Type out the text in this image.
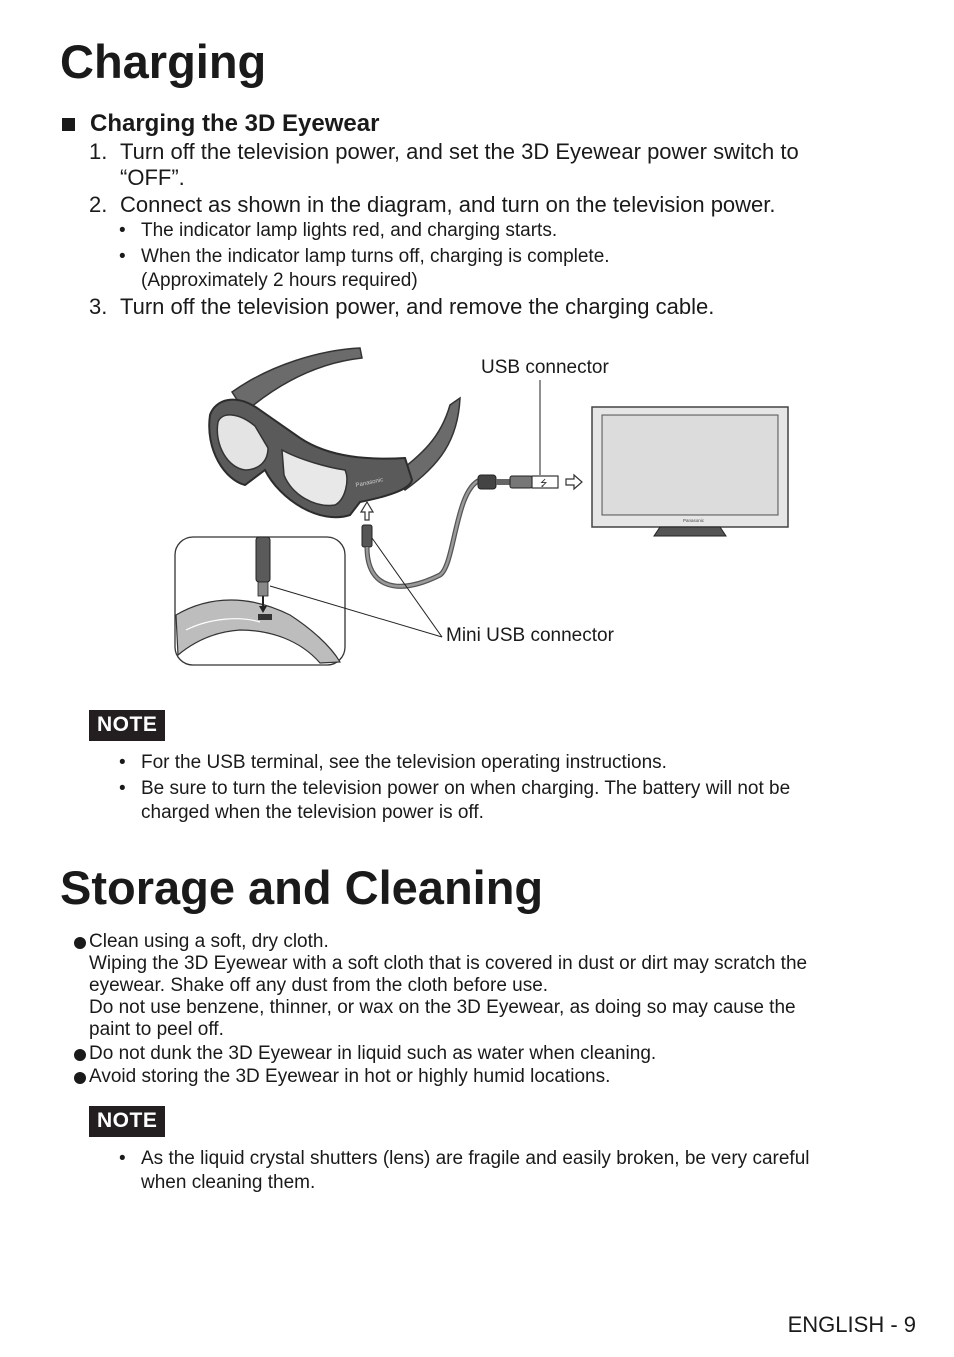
Charging
Charging the 3D Eyewear
1. Turn off the television power, and set the 3D Eyewear power switch to
“OFF”.
2. Connect as shown in the diagram, and turn on the television power.
• The indicator lamp lights red, and charging starts.
• When the indicator lamp turns off, charging is complete.
(Approximately 2 hours required)
3. Turn off the television power, and remove the charging cable.
Panasonic	⭍
Panasonic
USB connector
Mini USB connector
NOTE
• For the USB terminal, see the television operating instructions.
• Be sure to turn the television power on when charging. The battery will not be
charged when the television power is off.
Storage and Cleaning
Clean using a soft, dry cloth.
Wiping the 3D Eyewear with a soft cloth that is covered in dust or dirt may scratch the
eyewear. Shake off any dust from the cloth before use.
Do not use benzene, thinner, or wax on the 3D Eyewear, as doing so may cause the
paint to peel off.
Do not dunk the 3D Eyewear in liquid such as water when cleaning.
Avoid storing the 3D Eyewear in hot or highly humid locations.
NOTE
• As the liquid crystal shutters (lens) are fragile and easily broken, be very careful
when cleaning them.
ENGLISH - 9
